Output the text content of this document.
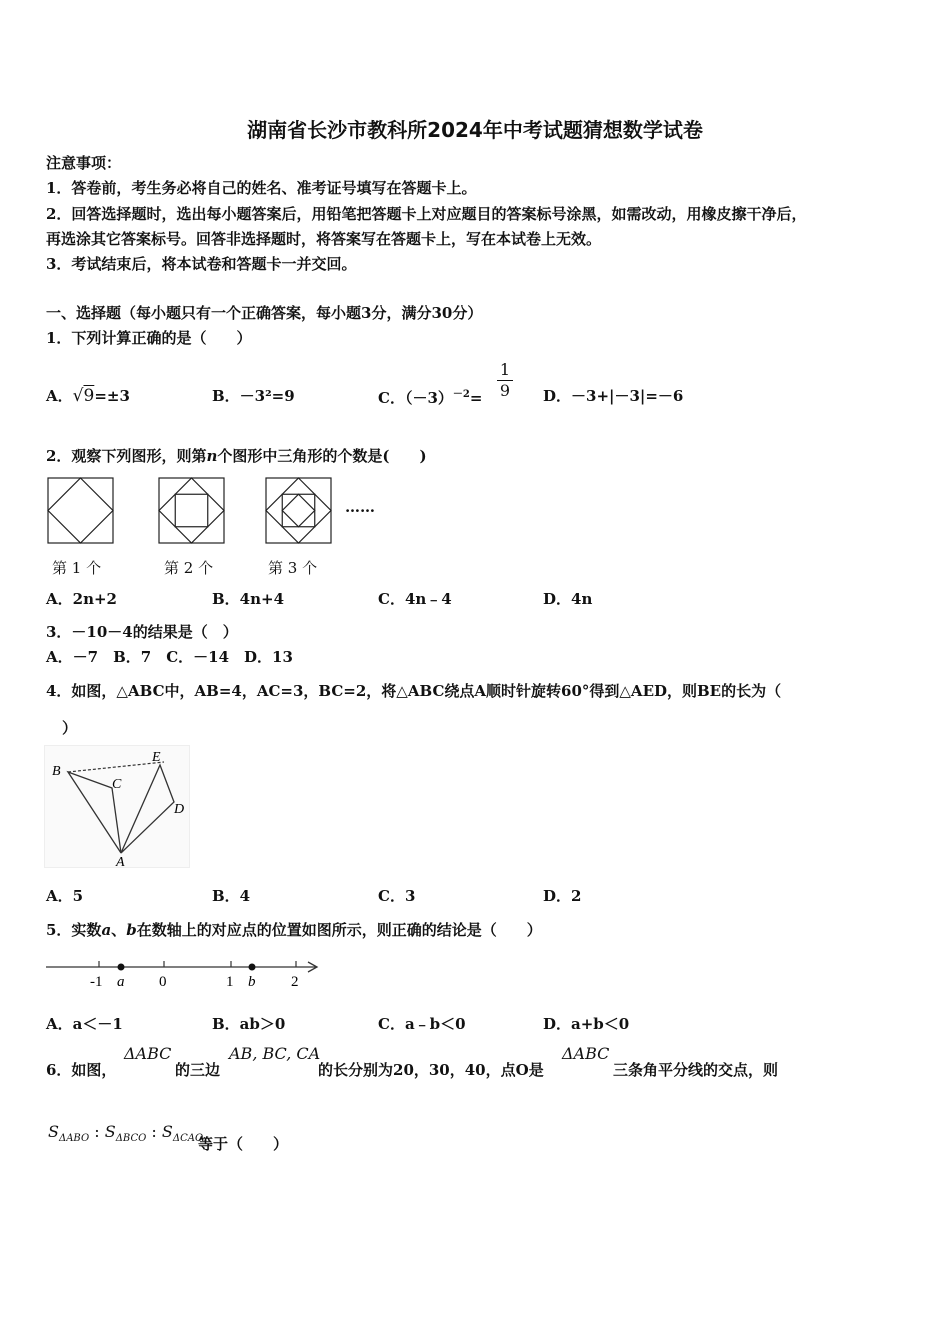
湖南省长沙市教科所2024年中考试题猜想数学试卷
注意事项：
1．答卷前，考生务必将自己的姓名、准考证号填写在答题卡上。
2．回答选择题时，选出每小题答案后，用铅笔把答题卡上对应题目的答案标号涂黑，如需改动，用橡皮擦干净后，
再选涂其它答案标号。回答非选择题时，将答案写在答题卡上，写在本试卷上无效。
3．考试结束后，将本试卷和答题卡一并交回。
一、选择题（每小题只有一个正确答案，每小题3分，满分30分）
1．下列计算正确的是（　　）
A．√9=±3	B．－3²=9	C．$(-3)^{-2}=$
1
9 D．－3+|－3|=－6
2．观察下列图形，则第n个图形中三角形的个数是(　　)
……
第 1 个	第 2 个	第 3 个
A．2n+2	B．4n+4	C．4n﹣4	D．4n
3．－10－4的结果是（　）
A．－7　B．7　C．－14　D．13
4．如图，△ABC中，AB=4，AC=3，BC=2，将△ABC绕点A顺时针旋转60°得到△AED，则BE的长为（
）
B
C
E
D
A
A．5	B．4	C．3	D．2
5．实数a、b在数轴上的对应点的位置如图所示，则正确的结论是（　　）
-1	0	1	2
a	b
A．a＜－1	B．ab＞0	C．a﹣b＜0	D．a+b＜0
6．如图，
ΔABC
的三边
AB, BC, CA
的长分别为20，30，40，点O是
ΔABC
三条角平分线的交点，则
$S_{\Delta ABO}$ : $S_{\Delta BCO}$ : $S_{\Delta CAO}$
等于（　　）
